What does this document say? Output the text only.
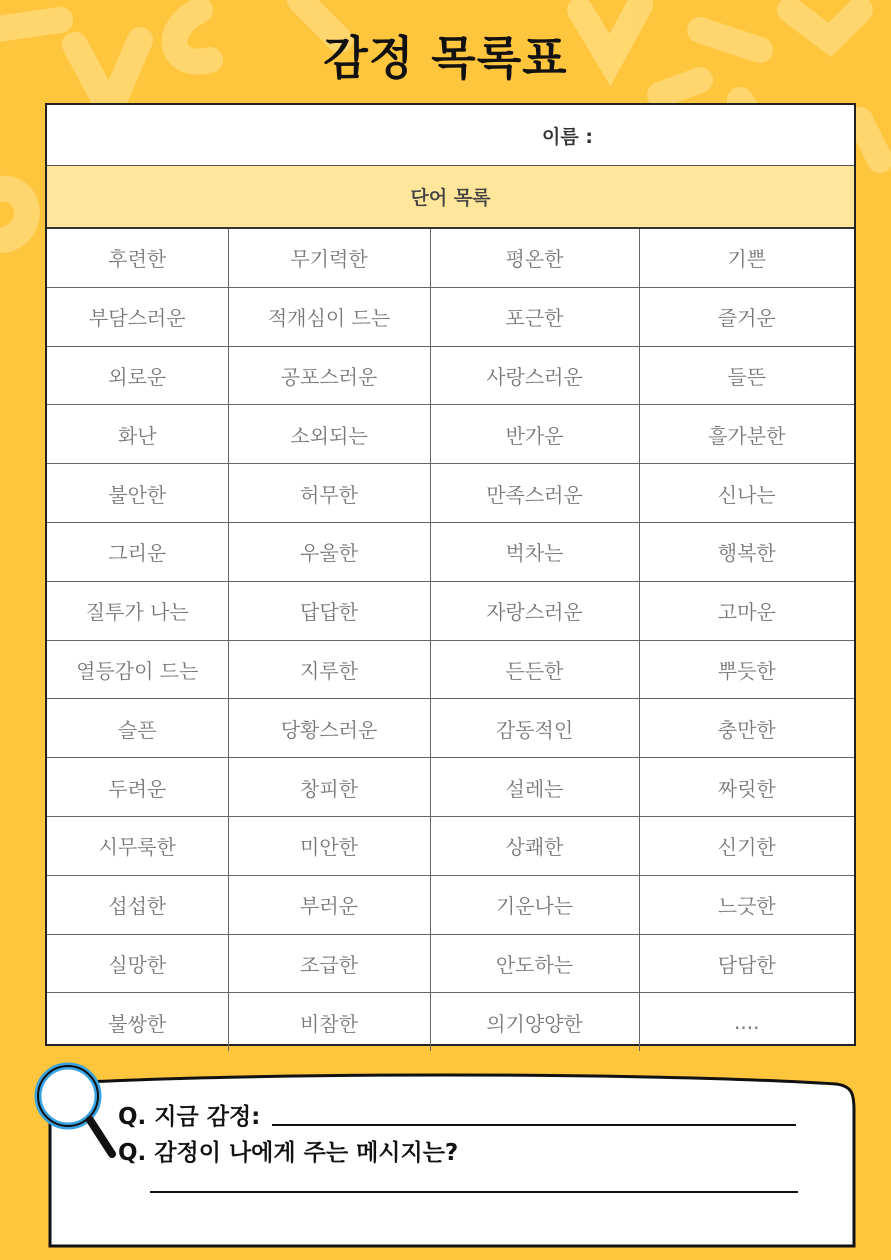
감정 목록표
이름 :
단어 목록
후련한	무기력한	평온한	기쁜
부담스러운	적개심이 드는	포근한	즐거운
외로운	공포스러운	사랑스러운	들뜬
화난	소외되는	반가운	흘가분한
불안한	허무한	만족스러운	신나는
그리운	우울한	벅차는	행복한
질투가 나는	답답한	자랑스러운	고마운
열등감이 드는	지루한	든든한	뿌듯한
슬픈	당황스러운	감동적인	충만한
두려운	창피한	설레는	짜릿한
시무룩한	미안한	상쾌한	신기한
섭섭한	부러운	기운나는	느긋한
실망한	조급한	안도하는	담담한
불쌍한	비참한	의기양양한	....
Q. 지금 감정:
Q. 감정이 나에게 주는 메시지는?
